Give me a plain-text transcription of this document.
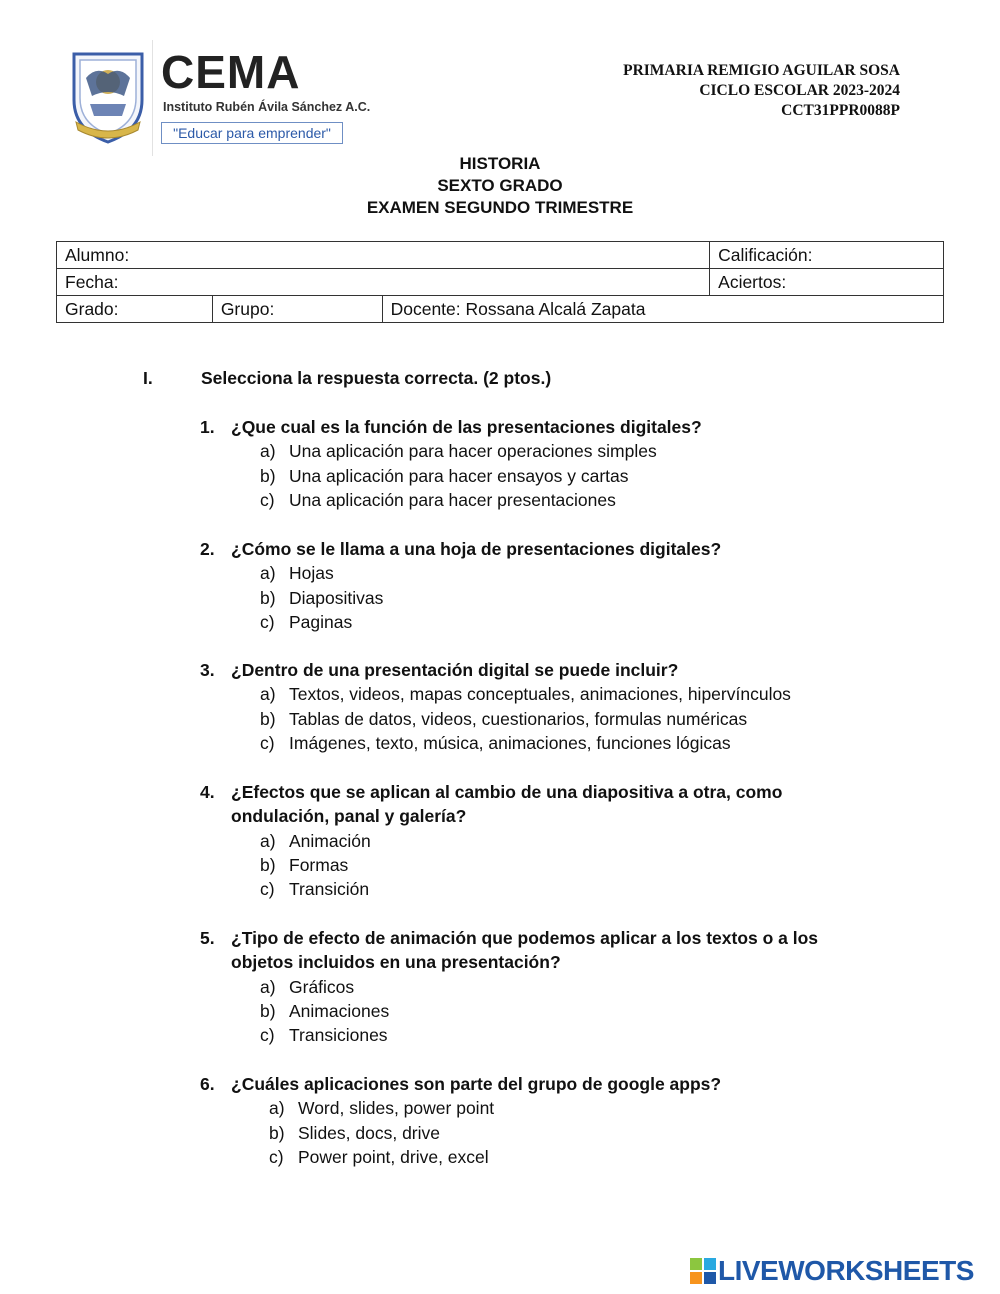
CEMA
Instituto Rubén Ávila Sánchez A.C.
"Educar para emprender"
PRIMARIA REMIGIO AGUILAR SOSA
CICLO ESCOLAR 2023-2024
CCT31PPR0088P
HISTORIA
SEXTO GRADO
EXAMEN SEGUNDO TRIMESTRE
Alumno:			Calificación:
Fecha:			Aciertos:
Grado:	Grupo:	Docente: Rossana Alcalá Zapata	
I.	Selecciona la respuesta correcta. (2 ptos.)
1. ¿Que cual es la función de las presentaciones digitales?
a) Una aplicación para hacer operaciones simples
b) Una aplicación para hacer ensayos y cartas
c) Una aplicación para hacer presentaciones
2. ¿Cómo se le llama a una hoja de presentaciones digitales?
a) Hojas
b) Diapositivas
c) Paginas
3. ¿Dentro de una presentación digital se puede incluir?
a) Textos, videos, mapas conceptuales, animaciones, hipervínculos
b) Tablas de datos, videos, cuestionarios, formulas numéricas
c) Imágenes, texto, música, animaciones, funciones lógicas
4. ¿Efectos que se aplican al cambio de una diapositiva a otra, como ondulación, panal y galería?
a) Animación
b) Formas
c) Transición
5. ¿Tipo de efecto de animación que podemos aplicar a los textos o a los objetos incluidos en una presentación?
a) Gráficos
b) Animaciones
c) Transiciones
6. ¿Cuáles aplicaciones son parte del grupo de google apps?
a) Word, slides, power point
b) Slides, docs, drive
c) Power point, drive, excel
LIVEWORKSHEETS
